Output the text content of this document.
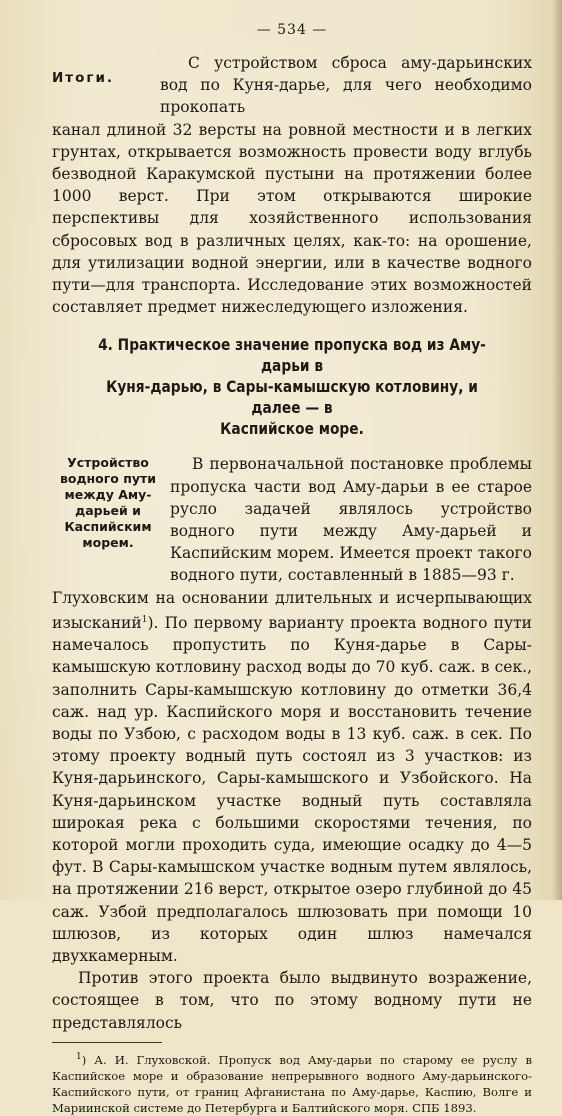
— 534 —
Итоги.
С устройством сброса аму-дарьинских вод по Куня-дарье, для чего необходимо прокопать

канал длиной 32 версты на ровной местности и в легких грунтах, открывается возможность провести воду вглубь безводной Каракумской пустыни на протяжении более 1000 верст. При этом открываются широкие перспективы для хозяйственного использования сбросовых вод в различных целях, как-то: на орошение, для утилизации водной энергии, или в качестве водного пути—для транспорта. Исследование этих возможностей составляет предмет нижеследующего изложения.

4. Практическое значение пропуска вод из Аму-дарьи в
Куня-дарью, в Сары-камышскую котловину, и далее — в
Каспийское море.
Устройство водного пути между Аму-дарьей и Каспийским морем.
В первоначальной постановке проблемы пропуска части вод Аму-дарьи в ее старое русло задачей являлось устройство водного пути между Аму-дарьей и Каспийским морем. Имеется проект такого водного пути, составленный в 1885—93 г.

Глуховским на основании длительных и исчерпывающих изысканий$^1$). По первому варианту проекта водного пути намечалось пропустить по Куня-дарье в Сары-камышскую котловину расход воды до 70 куб. саж. в сек., заполнить Сары-камышскую котловину до отметки 36,4 саж. над ур. Каспийского моря и восстановить течение воды по Узбою, с расходом воды в 13 куб. саж. в сек. По этому проекту водный путь состоял из 3 участков: из Куня-дарьинского, Сары-камышского и Узбойского. На Куня-дарьинском участке водный путь составляла широкая река с большими скоростями течения, по которой могли проходить суда, имеющие осадку до 4—5 фут. В Сары-камышском участке водным путем являлось, на протяжении 216 верст, открытое озеро глубиной до 45 саж. Узбой предполагалось шлюзовать при помощи 10 шлюзов, из которых один шлюз намечался двухкамерным.

Против этого проекта было выдвинуто возражение, состоящее в том, что по этому водному пути не представлялось

$^1$) А. И. Глуховской. Пропуск вод Аму-дарьи по старому ее руслу в Каспийское море и образование непрерывного водного Аму-дарьинского-Каспийского пути, от границ Афганистана по Аму-дарье, Каспию, Волге и Мариинской системе до Петербурга и Балтийского моря. СПБ 1893.
